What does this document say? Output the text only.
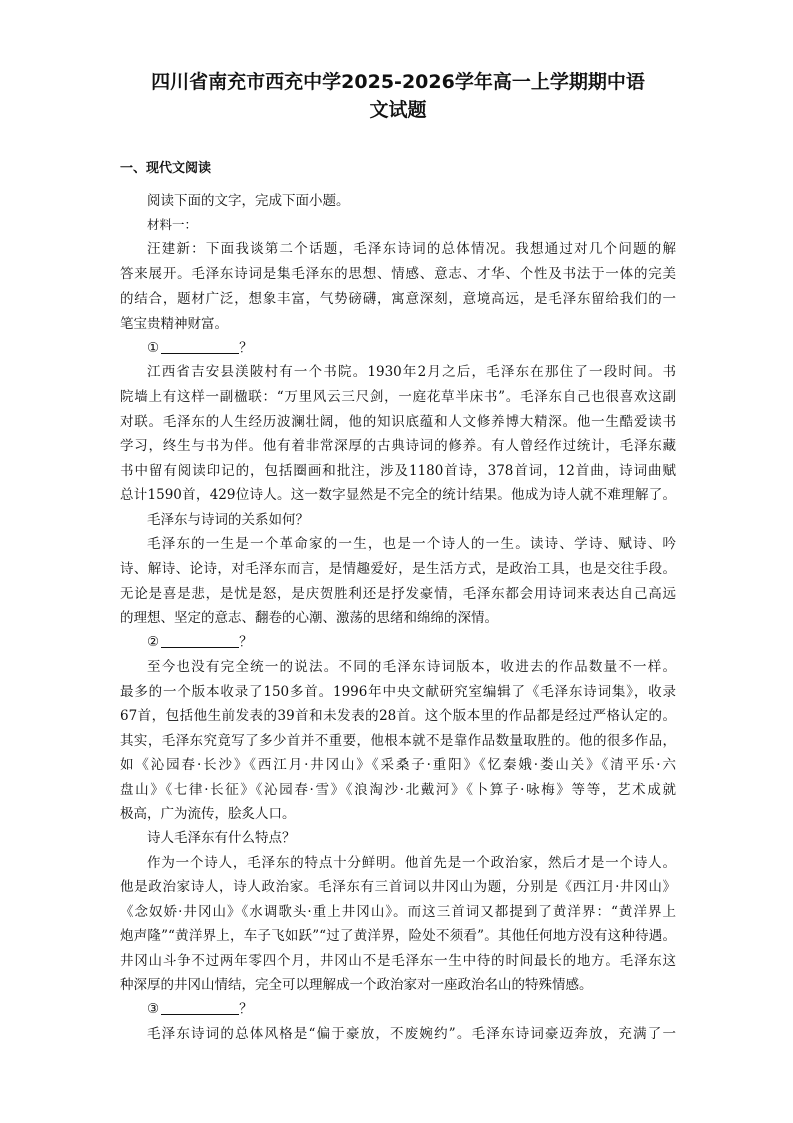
四川省南充市西充中学2025-2026学年高一上学期期中语
文试题
一、现代文阅读
阅读下面的文字，完成下面小题。
材料一：
汪建新：下面我谈第二个话题，毛泽东诗词的总体情况。我想通过对几个问题的解
答来展开。毛泽东诗词是集毛泽东的思想、情感、意志、才华、个性及书法于一体的完美
的结合，题材广泛，想象丰富，气势磅礴，寓意深刻，意境高远，是毛泽东留给我们的一
笔宝贵精神财富。
①	？
江西省吉安县渼陂村有一个书院。1930年2月之后，毛泽东在那住了一段时间。书
院墙上有这样一副楹联：“万里风云三尺剑，一庭花草半床书”。毛泽东自己也很喜欢这副
对联。毛泽东的人生经历波澜壮阔，他的知识底蕴和人文修养博大精深。他一生酷爱读书
学习，终生与书为伴。他有着非常深厚的古典诗词的修养。有人曾经作过统计，毛泽东藏
书中留有阅读印记的，包括圈画和批注，涉及1180首诗，378首词，12首曲，诗词曲赋
总计1590首，429位诗人。这一数字显然是不完全的统计结果。他成为诗人就不难理解了。
毛泽东与诗词的关系如何？
毛泽东的一生是一个革命家的一生，也是一个诗人的一生。读诗、学诗、赋诗、吟
诗、解诗、论诗，对毛泽东而言，是情趣爱好，是生活方式，是政治工具，也是交往手段。
无论是喜是悲，是忧是怒，是庆贺胜利还是抒发豪情，毛泽东都会用诗词来表达自己高远
的理想、坚定的意志、翻卷的心潮、激荡的思绪和绵绵的深情。
②	？
至今也没有完全统一的说法。不同的毛泽东诗词版本，收进去的作品数量不一样。
最多的一个版本收录了150多首。1996年中央文献研究室编辑了《毛泽东诗词集》，收录
67首，包括他生前发表的39首和未发表的28首。这个版本里的作品都是经过严格认定的。
其实，毛泽东究竟写了多少首并不重要，他根本就不是靠作品数量取胜的。他的很多作品，
如《沁园春·长沙》《西江月·井冈山》《采桑子·重阳》《忆秦娥·娄山关》《清平乐·六
盘山》《七律·长征》《沁园春·雪》《浪淘沙·北戴河》《卜算子·咏梅》等等，艺术成就
极高，广为流传，脍炙人口。
诗人毛泽东有什么特点？
作为一个诗人，毛泽东的特点十分鲜明。他首先是一个政治家，然后才是一个诗人。
他是政治家诗人，诗人政治家。毛泽东有三首词以井冈山为题，分别是《西江月·井冈山》
《念奴娇·井冈山》《水调歌头·重上井冈山》。而这三首词又都提到了黄洋界：“黄洋界上
炮声隆”“黄洋界上，车子飞如跃”“过了黄洋界，险处不须看”。其他任何地方没有这种待遇。
井冈山斗争不过两年零四个月，井冈山不是毛泽东一生中待的时间最长的地方。毛泽东这
种深厚的井冈山情结，完全可以理解成一个政治家对一座政治名山的特殊情感。
③	？
毛泽东诗词的总体风格是“偏于豪放，不废婉约”。毛泽东诗词豪迈奔放，充满了一
